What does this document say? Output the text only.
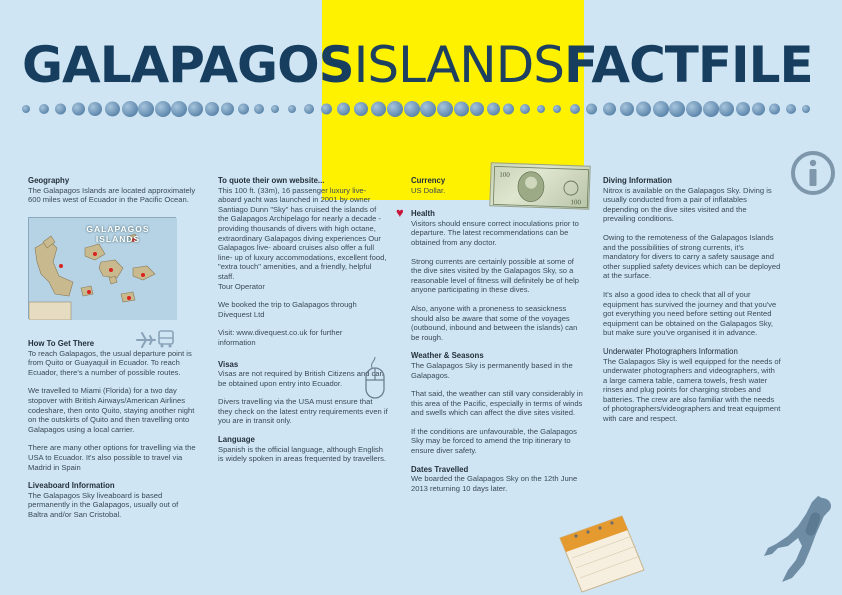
GALAPAGOSISLANDSFACTFILE
Geography

The Galapagos Islands are located approximately 600 miles west of Ecuador in the Pacific Ocean.

GALAPAGOS
ISLANDS
How To Get There

To reach Galapagos, the usual departure point is from Quito or Guayaquil in Ecuador. To reach Ecuador, there's a number of possible routes.

We travelled to Miami (Florida) for a two day stopover with British Airways/American Airlines codeshare, then onto Quito, staying another night on the outskirts of Quito and then travelling onto Galapagos using a local carrier.

There are many other options for travelling via the USA to Ecuador. It's also possible to travel via Madrid in Spain

Liveaboard Information

The Galapagos Sky liveaboard is based permanently in the Galapagos, usually out of Baltra and/or San Cristobal.

To quote their own website...

This 100 ft. (33m), 16 passenger luxury live- aboard yacht was launched in 2001 by owner Santiago Dunn "Sky" has cruised the islands of the Galapagos Archipelago for nearly a decade - providing thousands of divers with high octane, extraordinary Galapagos diving experiences Our Galapagos live- aboard cruises also offer a full line- up of luxury accommodations, excellent food, "extra touch" amenities, and a friendly, helpful staff.

Tour Operator

We booked the trip to Galapagos through Divequest Ltd

Visit: www.divequest.co.uk for further information

Visas

Visas are not required by British Citizens and can be obtained upon entry into Ecuador.

Divers travelling via the USA must ensure that they check on the latest entry requirements even if you are in transit only.

Language

Spanish is the official language, although English is widely spoken in areas frequented by travellers.

100
100
Currency

US Dollar.

Health

Visitors should ensure correct inoculations prior to departure. The latest recommendations can be obtained from any doctor.

Strong currents are certainly possible at some of the dive sites visited by the Galapagos Sky, so a reasonable level of fitness will definitely be of help anyone participating in these dives.

Also, anyone with a proneness to seasickness should also be aware that some of the voyages (outbound, inbound and between the islands) can be rough.

Weather & Seasons

The Galapagos Sky is permanently based in the Galapagos.

That said, the weather can still vary considerably in this area of the Pacific, especially in terms of winds and swells which can affect the dive sites visited.

If the conditions are unfavourable, the Galapagos Sky may be forced to amend the trip itinerary to ensure diver safety.

Dates Travelled

We boarded the Galapagos Sky on the 12th June 2013 returning 10 days later.

♥
Diving Information

Nitrox is available on the Galapagos Sky. Diving is usually conducted from a pair of inflatables depending on the dive sites visited and the prevailing conditions.

Owing to the remoteness of the Galapagos Islands and the possibilities of strong currents, it's mandatory for divers to carry a safety sausage and other supplied safety devices which can be deployed at the surface.

It's also a good idea to check that all of your equipment has survived the journey and that you've got everything you need before setting out Rented equipment can be obtained on the Galapagos Sky, but make sure you've organised it in advance.

Underwater Photographers Information

The Galapagos Sky is well equipped for the needs of underwater photographers and videographers, with a large camera table, camera towels, fresh water rinses and plug points for charging strobes and batteries. The crew are also familiar with the needs of photographers/videographers and treat equipment with care and respect.
